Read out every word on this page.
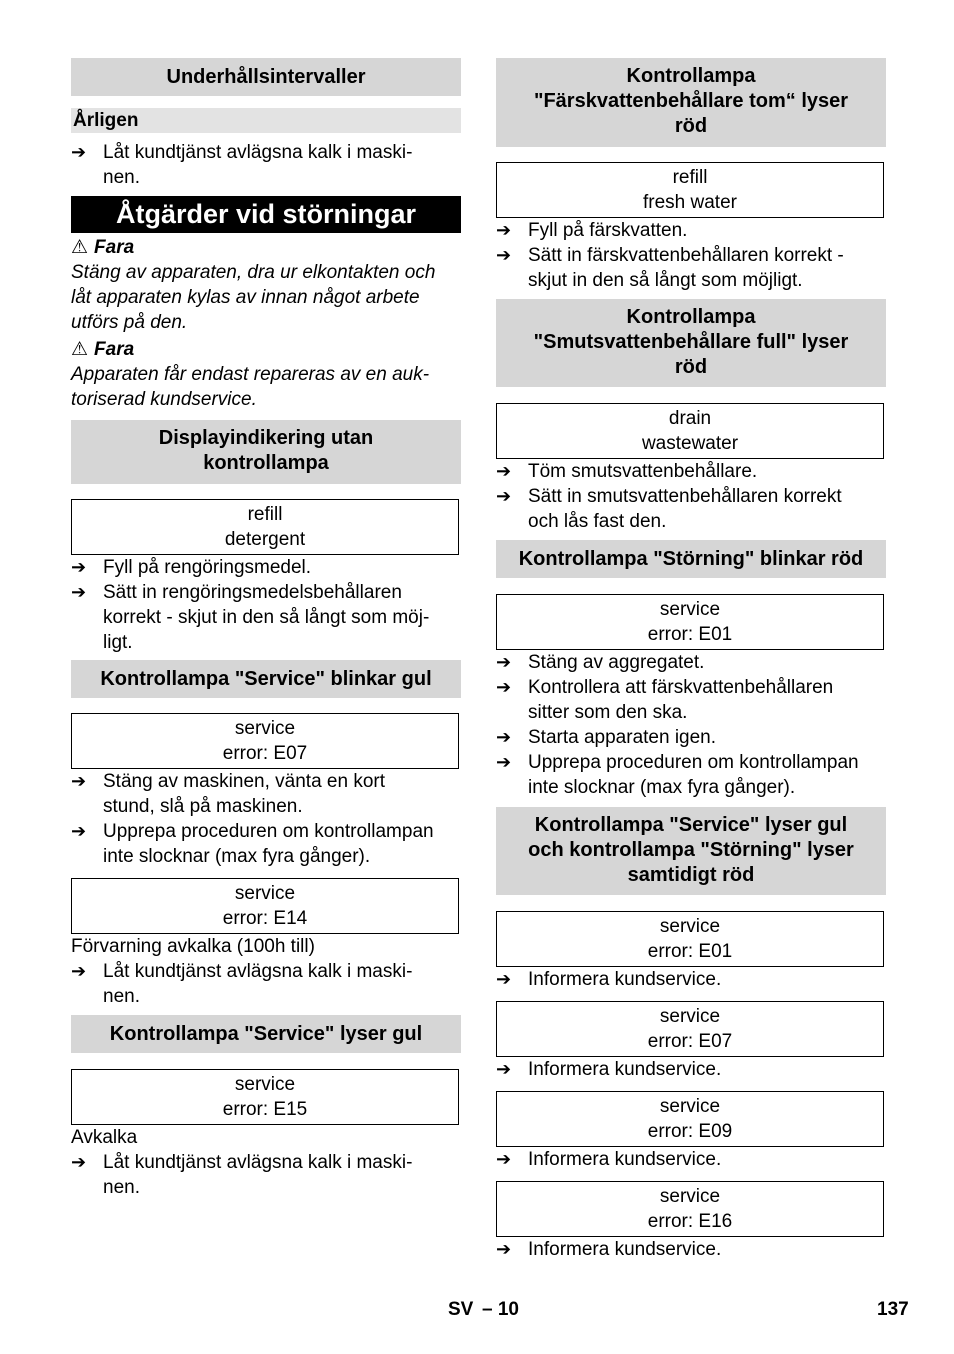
Underhållsintervaller
Årligen
➔ Låt kundtjänst avlägsna kalk i maski-
nen.
Åtgärder vid störningar
⚠ Fara
Stäng av apparaten, dra ur elkontakten och
låt apparaten kylas av innan något arbete
utförs på den.
⚠ Fara
Apparaten får endast repareras av en auk-
toriserad kundservice.
Displayindikering utan
kontrollampa
refill
detergent
➔ Fyll på rengöringsmedel.
➔ Sätt in rengöringsmedelsbehållaren
korrekt - skjut in den så långt som möj-
ligt.
Kontrollampa "Service" blinkar gul
service
error: E07
➔ Stäng av maskinen, vänta en kort
stund, slå på maskinen.
➔ Upprepa proceduren om kontrollampan
inte slocknar (max fyra gånger).
service
error: E14
Förvarning avkalka (100h till)
➔ Låt kundtjänst avlägsna kalk i maski-
nen.
Kontrollampa "Service" lyser gul
service
error: E15
Avkalka
➔ Låt kundtjänst avlägsna kalk i maski-
nen.
Kontrollampa
"Färskvattenbehållare tom“ lyser
röd
refill
fresh water
➔ Fyll på färskvatten.
➔ Sätt in färskvattenbehållaren korrekt -
skjut in den så långt som möjligt.
Kontrollampa
"Smutsvattenbehållare full" lyser
röd
drain
wastewater
➔ Töm smutsvattenbehållare.
➔ Sätt in smutsvattenbehållaren korrekt
och lås fast den.
Kontrollampa "Störning" blinkar röd
service
error: E01
➔ Stäng av aggregatet.
➔ Kontrollera att färskvattenbehållaren
sitter som den ska.
➔ Starta apparaten igen.
➔ Upprepa proceduren om kontrollampan
inte slocknar (max fyra gånger).
Kontrollampa "Service" lyser gul
och kontrollampa "Störning" lyser
samtidigt röd
service
error: E01
➔ Informera kundservice.
service
error: E07
➔ Informera kundservice.
service
error: E09
➔ Informera kundservice.
service
error: E16
➔ Informera kundservice.
SV – 10	137
